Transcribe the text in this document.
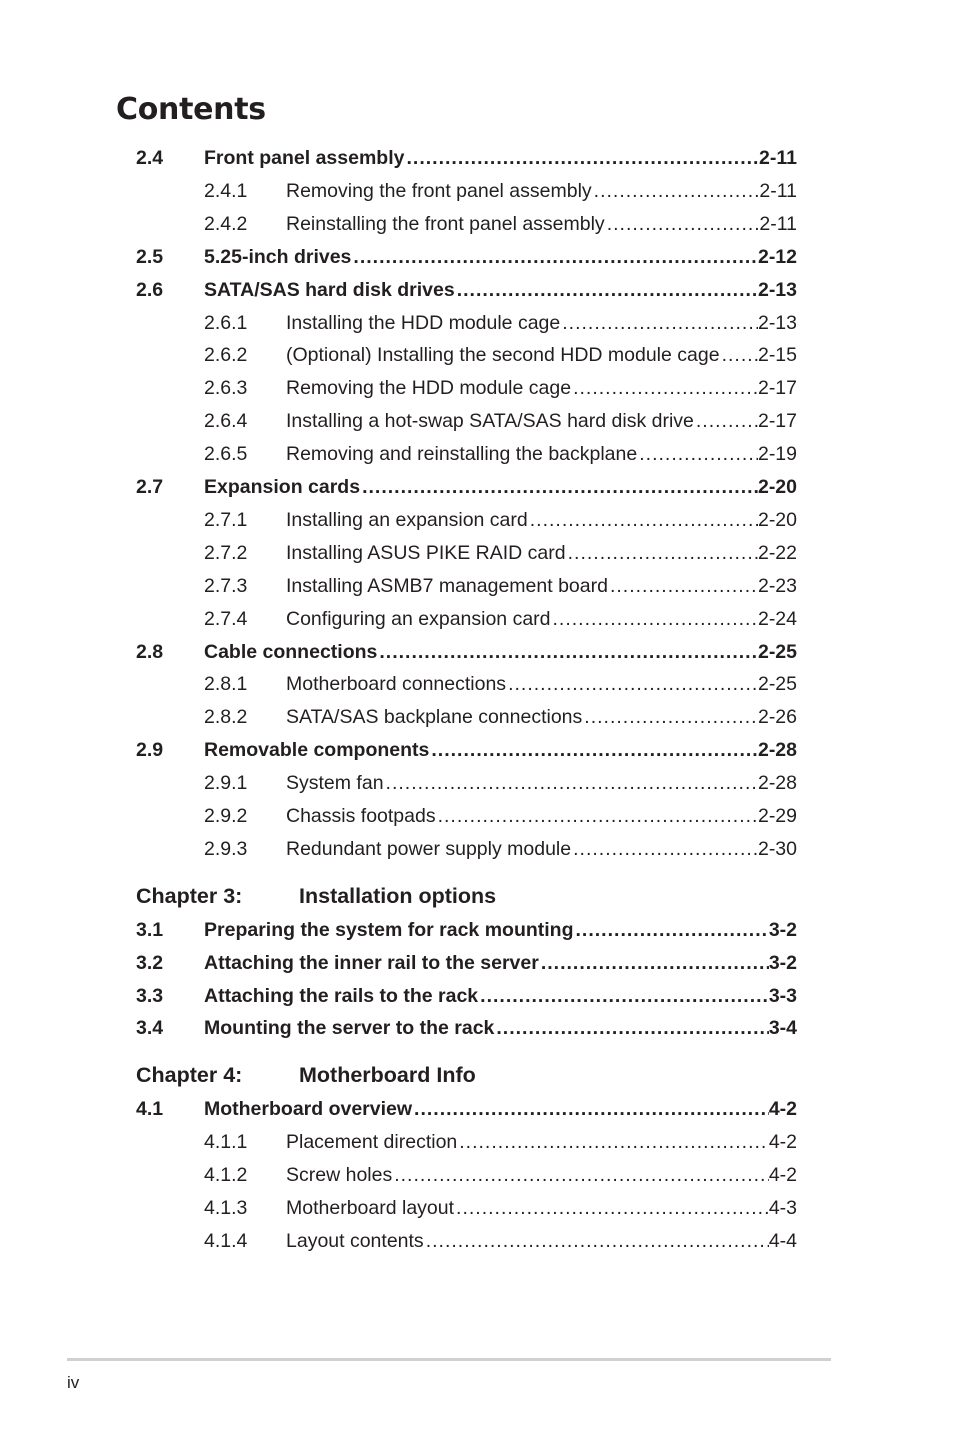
Contents
2.4 Front panel assembly .....	2-11
2.4.1 Removing the front panel assembly .....	2-11
2.4.2 Reinstalling the front panel assembly .....	2-11
2.5 5.25-inch drives .....	2-12
2.6 SATA/SAS hard disk drives .....	2-13
2.6.1 Installing the HDD module cage .....	2-13
2.6.2 (Optional) Installing the second HDD module cage ..... 2-15
2.6.3 Removing the HDD module cage .....	2-17
2.6.4 Installing a hot-swap SATA/SAS hard disk drive .....	2-17
2.6.5 Removing and reinstalling the backplane .....	2-19
2.7 Expansion cards .....	2-20
2.7.1 Installing an expansion card .....	2-20
2.7.2 Installing ASUS PIKE RAID card .....	2-22
2.7.3 Installing ASMB7 management board .....	2-23
2.7.4 Configuring an expansion card .....	2-24
2.8 Cable connections .....	2-25
2.8.1 Motherboard connections .....	2-25
2.8.2 SATA/SAS backplane connections .....	2-26
2.9 Removable components .....	2-28
2.9.1 System fan .....	2-28
2.9.2 Chassis footpads .....	2-29
2.9.3 Redundant power supply module .....	2-30
Chapter 3:	Installation options
3.1 Preparing the system for rack mounting .....	3-2
3.2 Attaching the inner rail to the server .....	3-2
3.3 Attaching the rails to the rack .....	3-3
3.4 Mounting the server to the rack .....	3-4
Chapter 4:	Motherboard Info
4.1 Motherboard overview .....	4-2
4.1.1 Placement direction .....	4-2
4.1.2 Screw holes .....	4-2
4.1.3 Motherboard layout .....	4-3
4.1.4 Layout contents .....	4-4
iv
